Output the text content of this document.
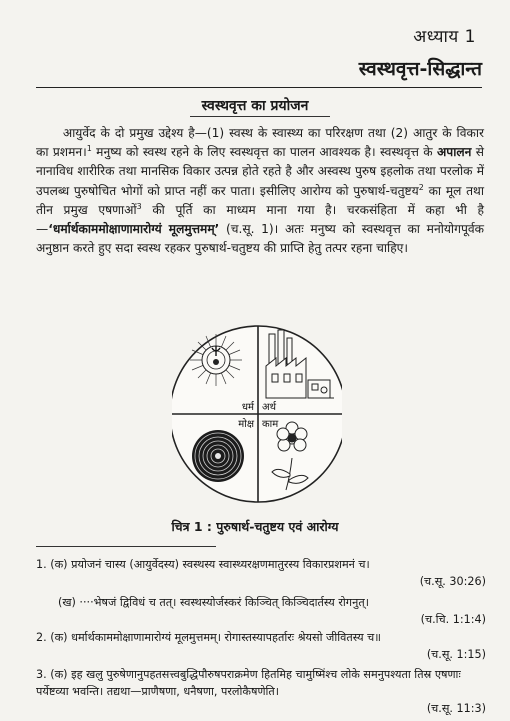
अध्याय 1
स्वस्थवृत्त-सिद्धान्त
स्वस्थवृत्त का प्रयोजन

आयुर्वेद के दो प्रमुख उद्देश्य है—(1) स्वस्थ के स्वास्थ्य का परिरक्षण तथा (2) आतुर के विकार का प्रशमन।$^1$ मनुष्य को स्वस्थ रहने के लिए स्वस्थवृत्त का पालन आवश्यक है। स्वस्थवृत्त के अपालन से नानाविध शारीरिक तथा मानसिक विकार उत्पन्न होते रहते है और अस्वस्थ पुरुष इहलोक तथा परलोक में उपलब्ध पुरुषोचित भोगों को प्राप्त नहीं कर पाता। इसीलिए आरोग्य को पुरुषार्थ-चतुष्टय$^2$ का मूल तथा तीन प्रमुख एषणाओं$^3$ की पूर्ति का माध्यम माना गया है। चरकसंहिता में कहा भी है—‘धर्मार्थकाममोक्षाणामारोग्यं मूलमुत्तमम्’ (च.सू. 1)। अतः मनुष्य को स्वस्थवृत्त का मनोयोगपूर्वक अनुष्ठान करते हुए सदा स्वस्थ रहकर पुरुषार्थ-चतुष्टय की प्राप्ति हेतु तत्पर रहना चाहिए।

धर्म अर्थ
मोक्ष काम
चित्र 1 : पुरुषार्थ-चतुष्टय एवं आरोग्य
1. (क) प्रयोजनं चास्य (आयुर्वेदस्य) स्वस्थस्य स्वास्थ्यरक्षणमातुरस्य विकारप्रशमनं च।
(च.सू. 30:26)
(ख) ····भेषजं द्विविधं च तत्। स्वस्थस्योर्जस्करं किञ्चित् किञ्चिदार्तस्य रोगनुत्।
(च.चि. 1:1:4)
2. (क) धर्मार्थकाममोक्षाणामारोग्यं मूलमुत्तमम्। रोगास्तस्यापहर्तारः श्रेयसो जीवितस्य च॥
(च.सू. 1:15)
3. (क) इह खलु पुरुषेणानुपहतसत्त्वबुद्धिपौरुषपराक्रमेण हितमिह चामुष्मिंश्च लोके समनुपश्यता तिस्र एषणाः पर्येष्टव्या भवन्ति। तद्यथा—प्राणैषणा, धनैषणा, परलोकैषणेति।
(च.सू. 11:3)
